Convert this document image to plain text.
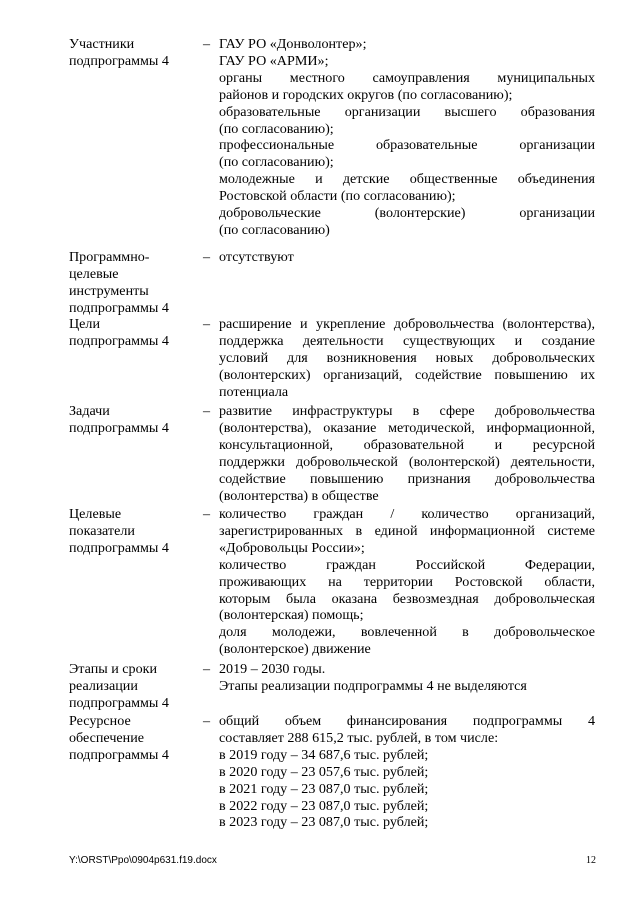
Участники
подпрограммы 4
– ГАУ РО «Донволонтер»;
ГАУ РО «АРМИ»;
органы местного самоуправления муниципальных
районов и городских округов (по согласованию);
образовательные организации высшего образования
(по согласованию);
профессиональные образовательные организации
(по согласованию);
молодежные и детские общественные объединения
Ростовской области (по согласованию);
добровольческие (волонтерские) организации
(по согласованию)
Программно-
целевые
инструменты
подпрограммы 4
– отсутствуют
Цели
подпрограммы 4
– расширение и укрепление добровольчества (волонтерства),
поддержка деятельности существующих и создание
условий для возникновения новых добровольческих
(волонтерских) организаций, содействие повышению их
потенциала
Задачи
подпрограммы 4
– развитие инфраструктуры в сфере добровольчества
(волонтерства), оказание методической, информационной,
консультационной, образовательной и ресурсной
поддержки добровольческой (волонтерской) деятельности,
содействие повышению признания добровольчества
(волонтерства) в обществе
Целевые
показатели
подпрограммы 4
– количество граждан / количество организаций,
зарегистрированных в единой информационной системе
«Добровольцы России»;
количество граждан Российской Федерации,
проживающих на территории Ростовской области,
которым была оказана безвозмездная добровольческая
(волонтерская) помощь;
доля молодежи, вовлеченной в добровольческое
(волонтерское) движение
Этапы и сроки
реализации
подпрограммы 4
– 2019 – 2030 годы.
Этапы реализации подпрограммы 4 не выделяются
Ресурсное
обеспечение
подпрограммы 4
– общий объем финансирования подпрограммы 4
составляет 288 615,2 тыс. рублей, в том числе:
в 2019 году – 34 687,6 тыс. рублей;
в 2020 году – 23 057,6 тыс. рублей;
в 2021 году – 23 087,0 тыс. рублей;
в 2022 году – 23 087,0 тыс. рублей;
в 2023 году – 23 087,0 тыс. рублей;
Y:\ORST\Ppo\0904p631.f19.docx	12
